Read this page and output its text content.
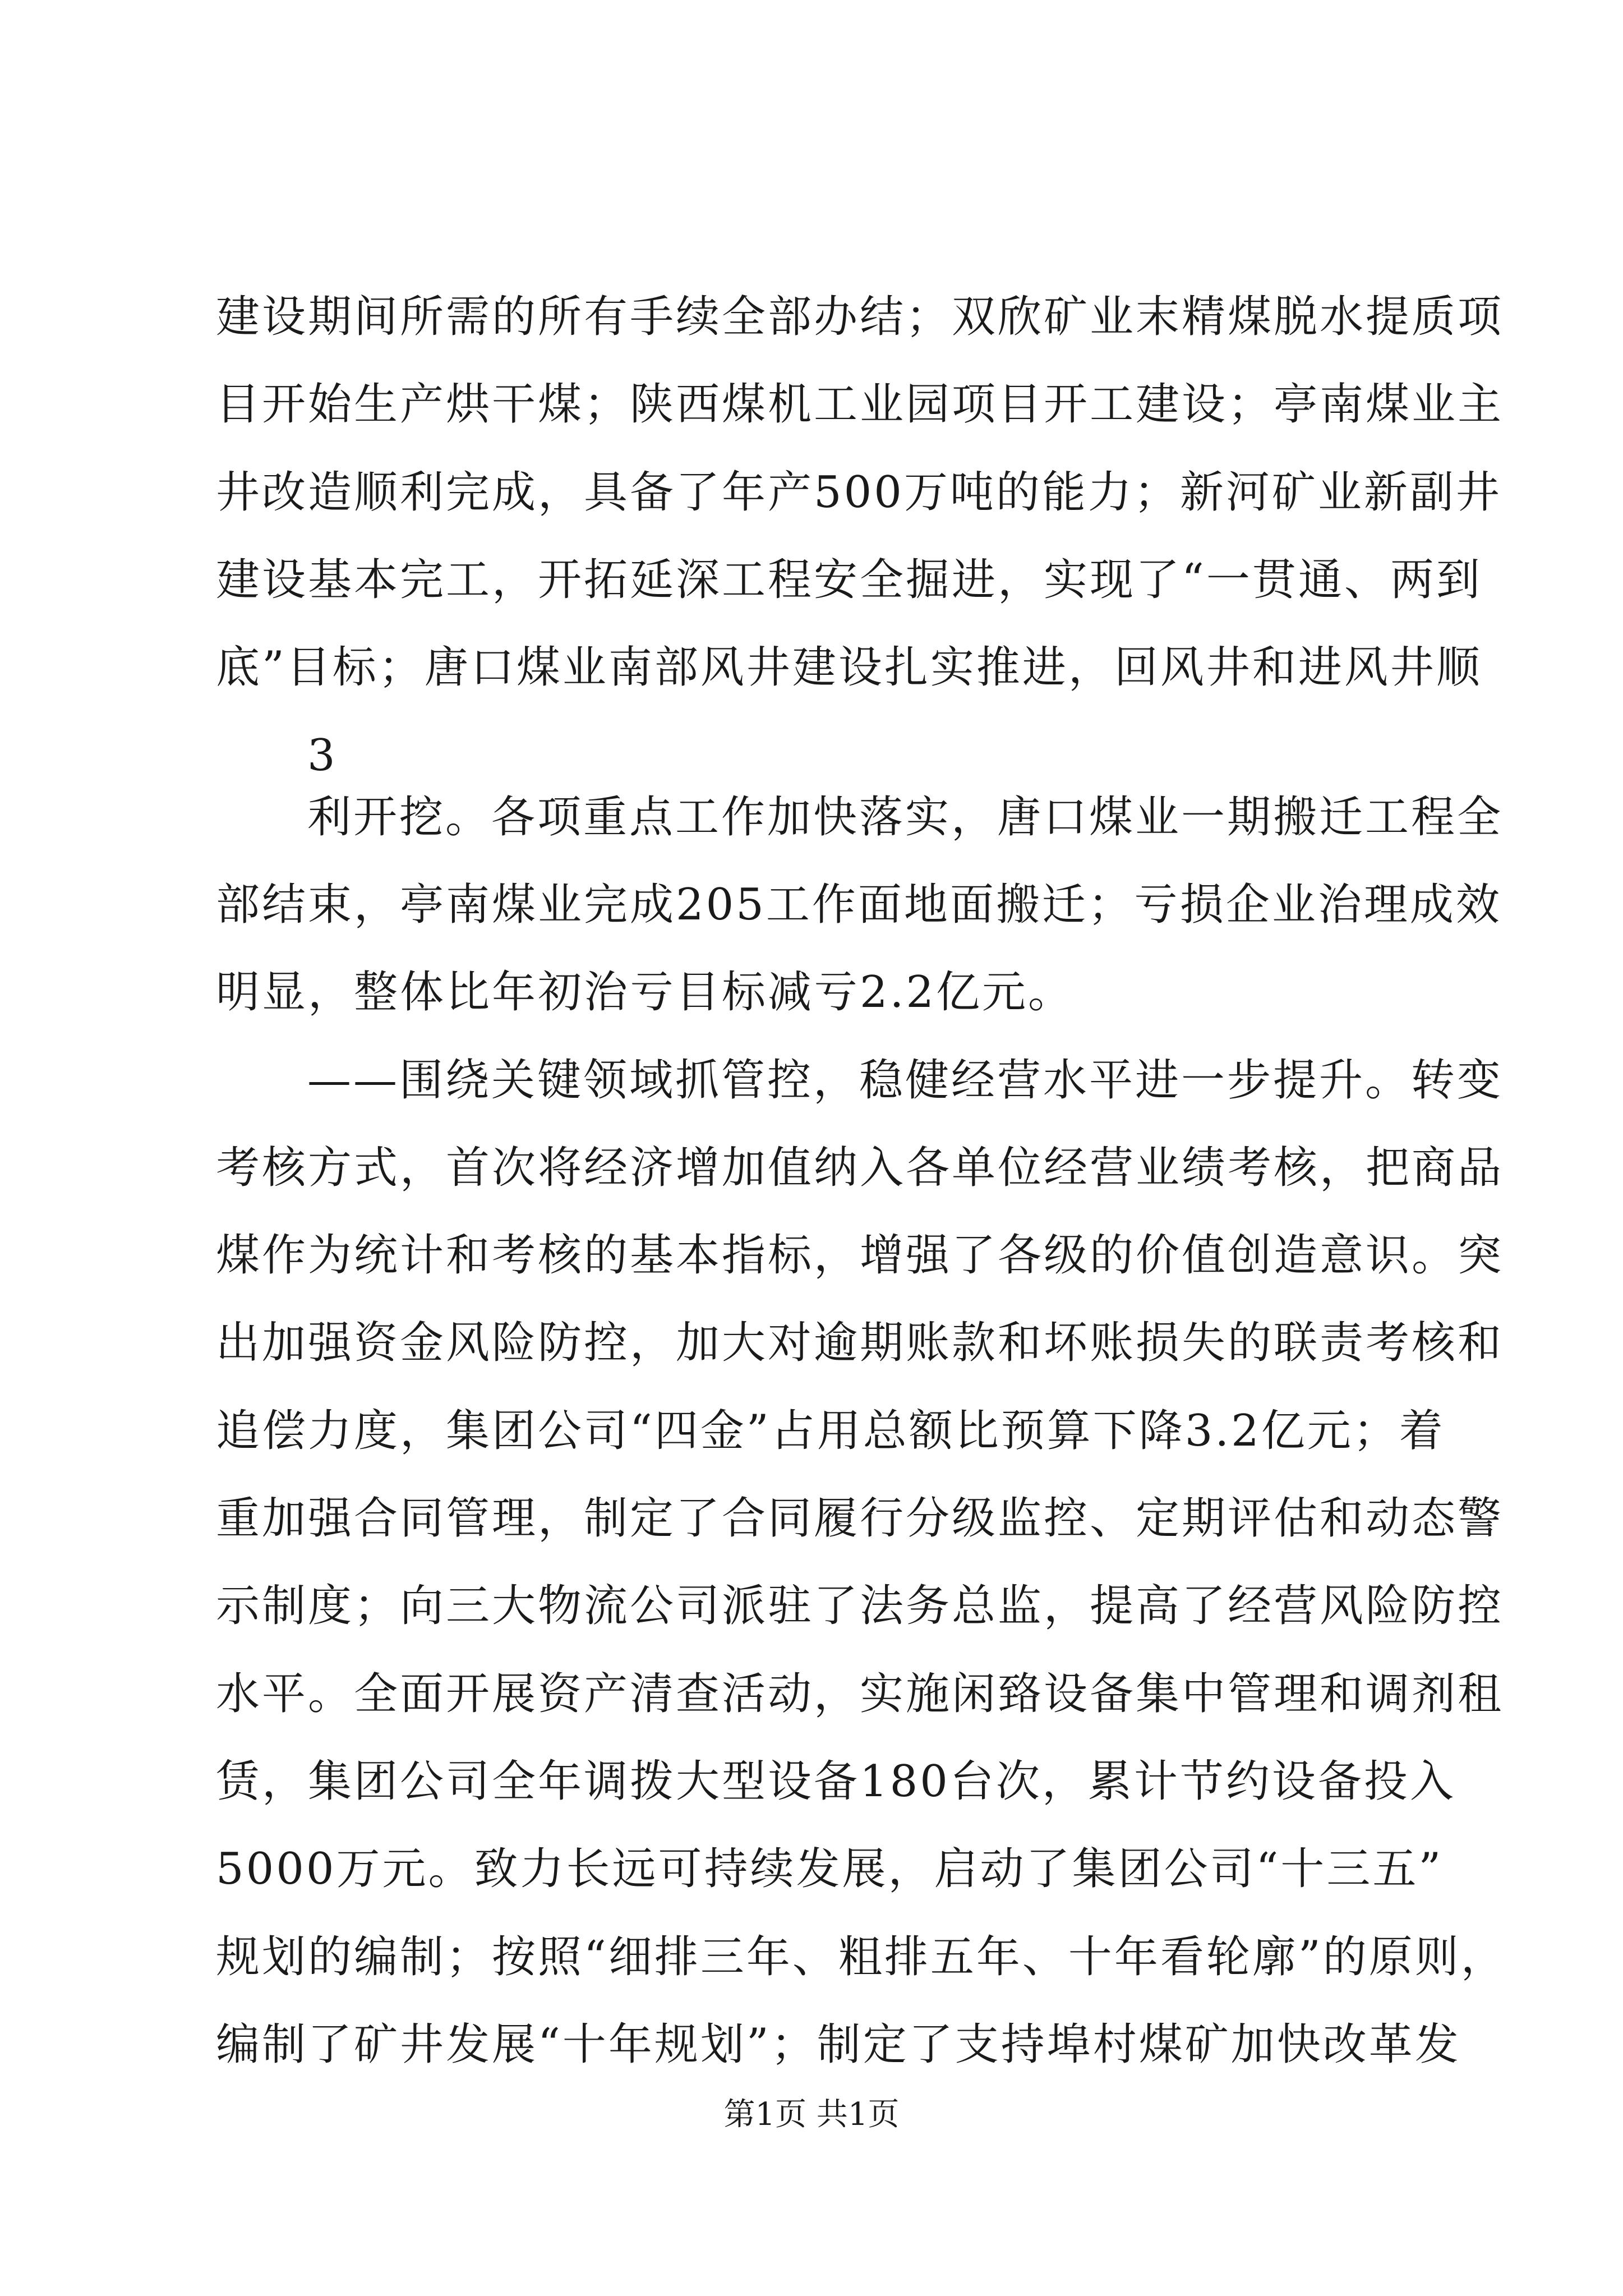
建设期间所需的所有手续全部办结；双欣矿业末精煤脱水提质项
目开始生产烘干煤；陕西煤机工业园项目开工建设；亭南煤业主
井改造顺利完成，具备了年产500万吨的能力；新河矿业新副井
建设基本完工，开拓延深工程安全掘进，实现了“一贯通、两到
底”目标；唐口煤业南部风井建设扎实推进，回风井和进风井顺
3
利开挖。各项重点工作加快落实，唐口煤业一期搬迁工程全
部结束，亭南煤业完成205工作面地面搬迁；亏损企业治理成效
明显，整体比年初治亏目标减亏2.2亿元。
——围绕关键领域抓管控，稳健经营水平进一步提升。转变
考核方式，首次将经济增加值纳入各单位经营业绩考核，把商品
煤作为统计和考核的基本指标，增强了各级的价值创造意识。突
出加强资金风险防控，加大对逾期账款和坏账损失的联责考核和
追偿力度，集团公司“四金”占用总额比预算下降3.2亿元；着
重加强合同管理，制定了合同履行分级监控、定期评估和动态警
示制度；向三大物流公司派驻了法务总监，提高了经营风险防控
水平。全面开展资产清查活动，实施闲臵设备集中管理和调剂租
赁，集团公司全年调拨大型设备180台次，累计节约设备投入
5000万元。致力长远可持续发展，启动了集团公司“十三五”
规划的编制；按照“细排三年、粗排五年、十年看轮廓”的原则，
编制了矿井发展“十年规划”；制定了支持埠村煤矿加快改革发
第1页 共1页
